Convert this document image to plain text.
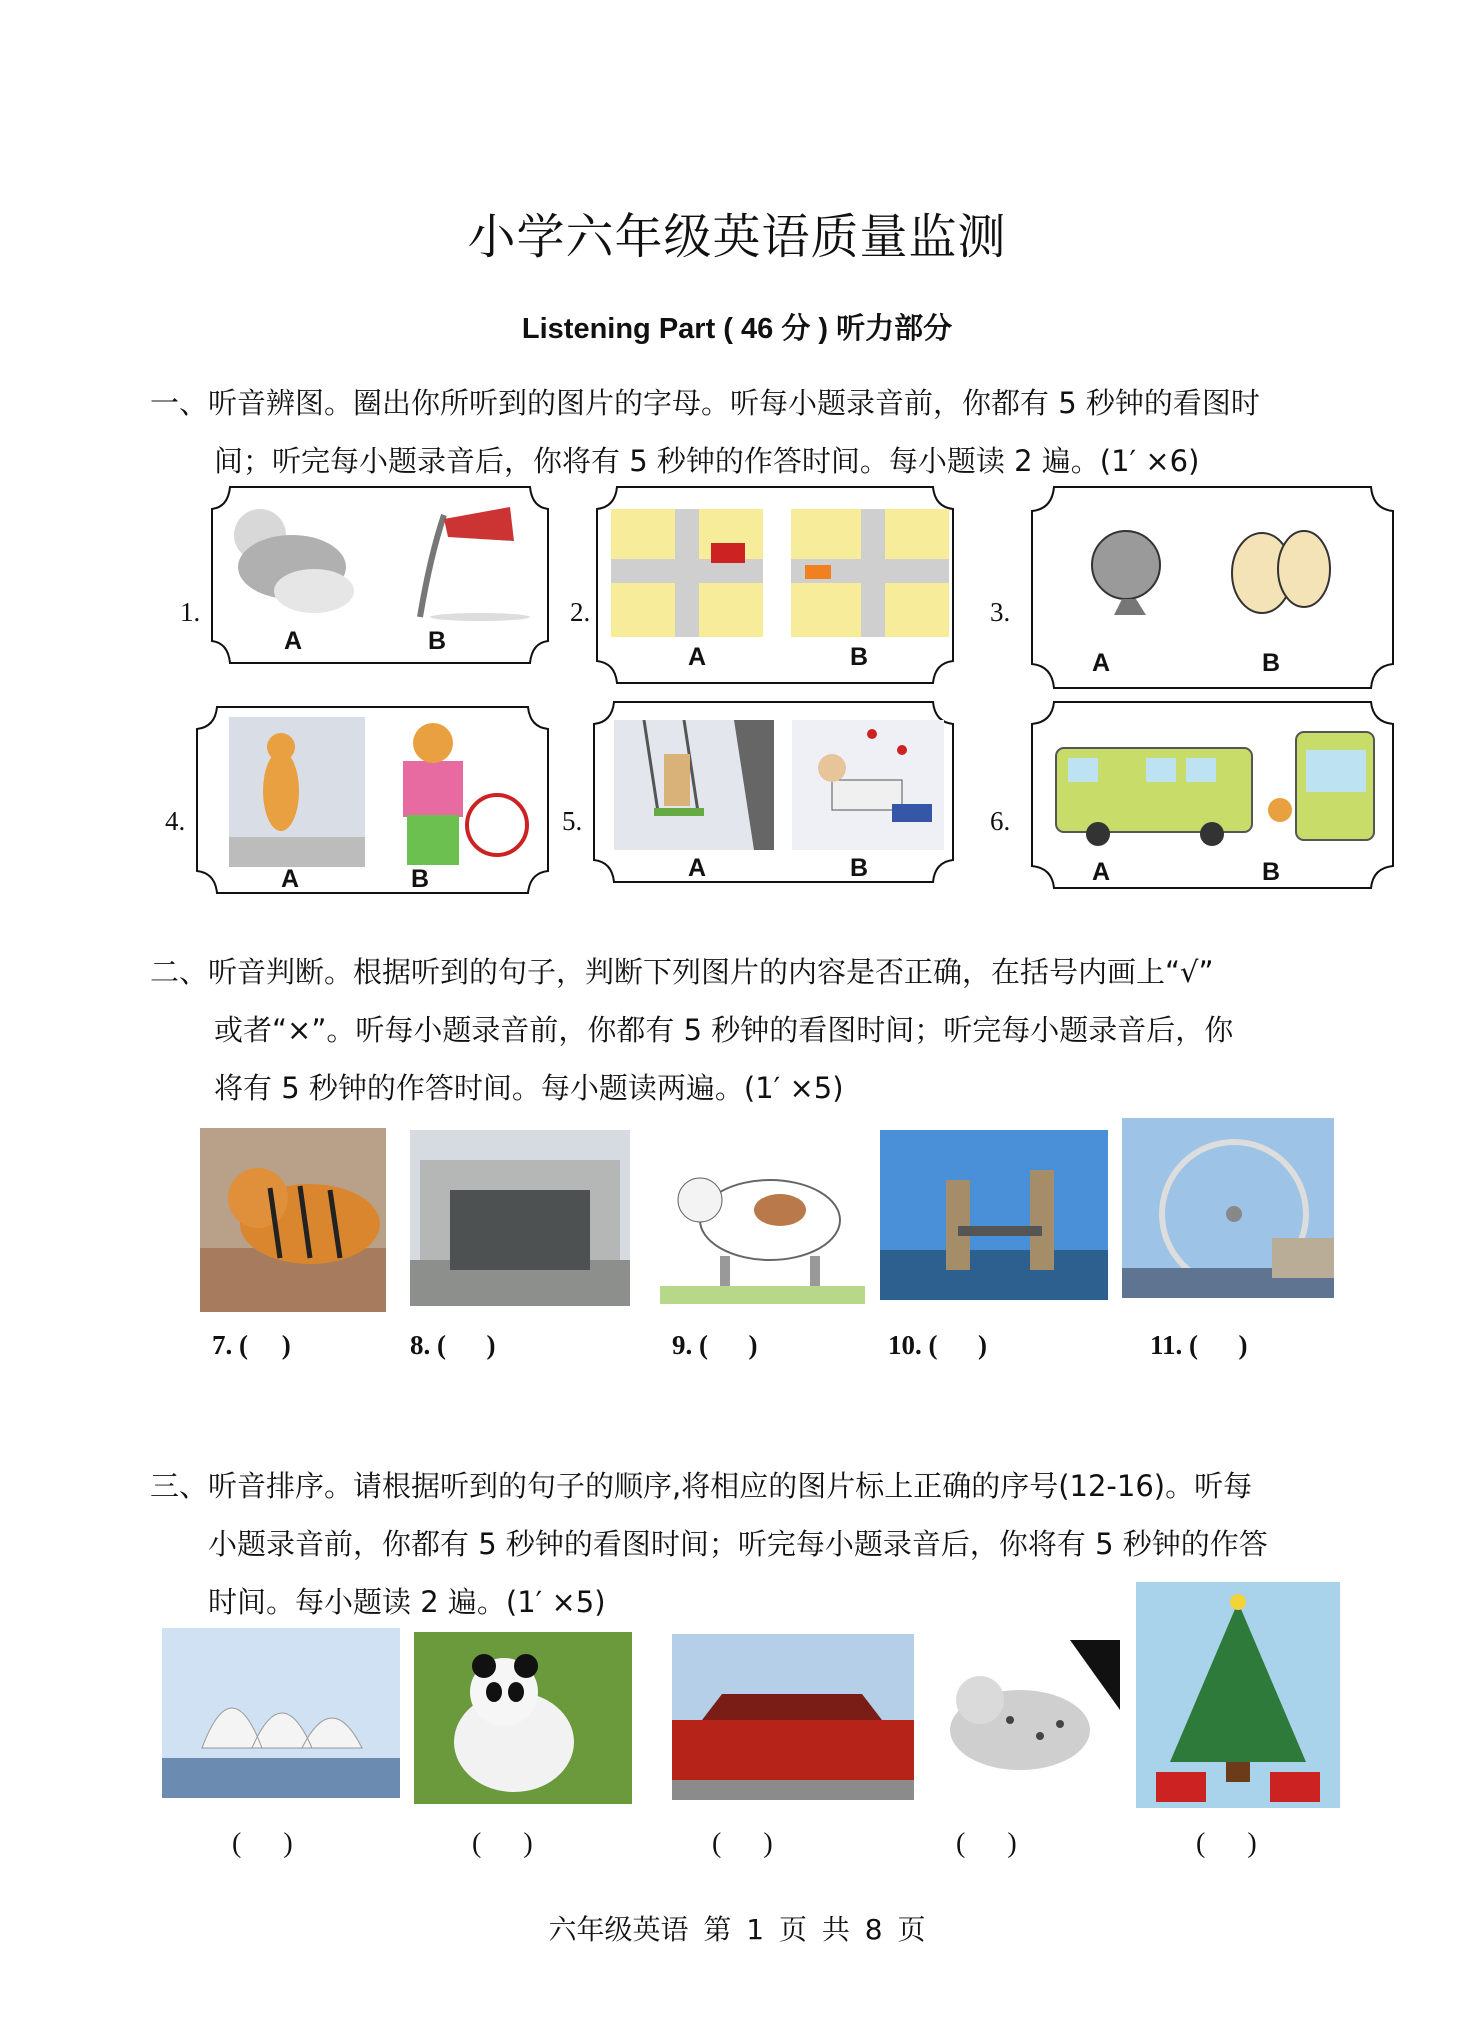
小学六年级英语质量监测
Listening Part ( 46 分 ) 听力部分
一、听音辨图。圈出你所听到的图片的字母。听每小题录音前，你都有 5 秒钟的看图时
间；听完每小题录音后，你将有 5 秒钟的作答时间。每小题读 2 遍。(1′ ×6)
1.
A	B
2.
A	B
3.
A	B
4.
A	B
5.
A	B
6.
A	B
二、听音判断。根据听到的句子，判断下列图片的内容是否正确，在括号内画上“√”
或者“×”。听每小题录音前，你都有 5 秒钟的看图时间；听完每小题录音后，你
将有 5 秒钟的作答时间。每小题读两遍。(1′ ×5)
7. (     )	8. (      )	9. (      )	10. (      )	11. (      )
三、听音排序。请根据听到的句子的顺序,将相应的图片标上正确的序号(12-16)。听每
小题录音前，你都有 5 秒钟的看图时间；听完每小题录音后，你将有 5 秒钟的作答
时间。每小题读 2 遍。(1′ ×5)
(      )	(      )	(      )	(      )	(      )
六年级英语 第 1 页 共 8 页
